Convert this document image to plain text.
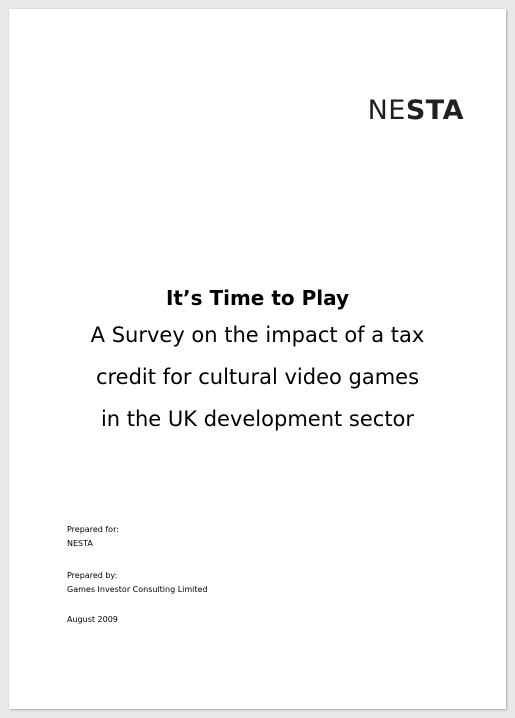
NESTA
It’s Time to Play
A Survey on the impact of a tax
credit for cultural video games
in the UK development sector
Prepared for:
NESTA
Prepared by:
Games Investor Consulting Limited
August 2009
